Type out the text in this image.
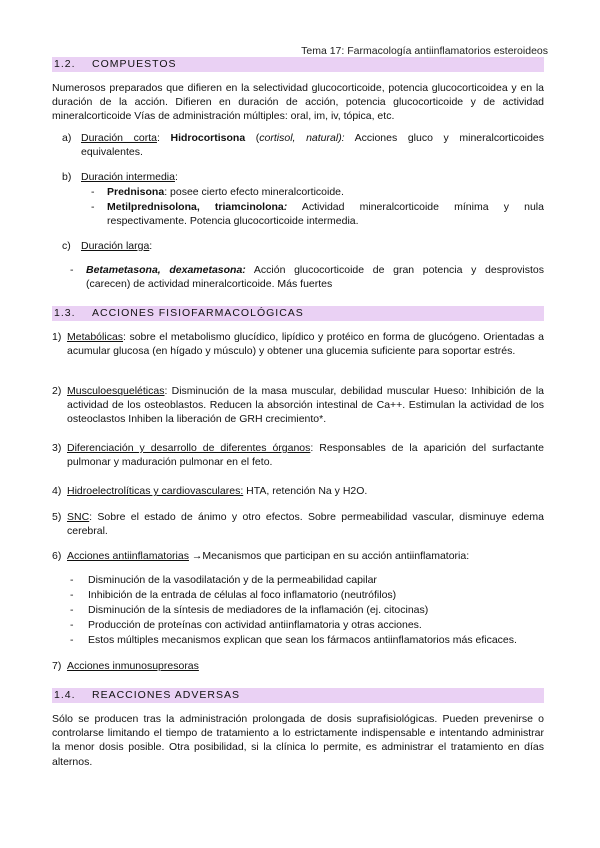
Tema 17: Farmacología antiinflamatorios esteroideos
1.2. COMPUESTOS
Numerosos preparados que difieren en la selectividad glucocorticoide, potencia glucocorticoidea y en la duración de la acción. Difieren en duración de acción, potencia glucocorticoide y de actividad mineralcorticoide Vías de administración múltiples: oral, im, iv, tópica, etc.
a) Duración corta: Hidrocortisona (cortisol, natural): Acciones gluco y mineralcorticoides equivalentes.
b) Duración intermedia:
- Prednisona: posee cierto efecto mineralcorticoide.
- Metilprednisolona, triamcinolona: Actividad mineralcorticoide mínima y nula respectivamente. Potencia glucocorticoide intermedia.
c) Duración larga:
- Betametasona, dexametasona: Acción glucocorticoide de gran potencia y desprovistos (carecen) de actividad mineralcorticoide. Más fuertes
1.3. ACCIONES FISIOFARMACOLÓGICAS
1) Metabólicas: sobre el metabolismo glucídico, lipídico y protéico en forma de glucógeno. Orientadas a acumular glucosa (en hígado y músculo) y obtener una glucemia suficiente para soportar estrés.
2) Musculoesqueléticas: Disminución de la masa muscular, debilidad muscular Hueso: Inhibición de la actividad de los osteoblastos. Reducen la absorción intestinal de Ca++. Estimulan la actividad de los osteoclastos Inhiben la liberación de GRH crecimiento*.
3) Diferenciación y desarrollo de diferentes órganos: Responsables de la aparición del surfactante pulmonar y maduración pulmonar en el feto.
4) Hidroelectrolíticas y cardiovasculares: HTA, retención Na y H2O.
5) SNC: Sobre el estado de ánimo y otro efectos. Sobre permeabilidad vascular, disminuye edema cerebral.
6) Acciones antiinflamatorias →Mecanismos que participan en su acción antiinflamatoria:
- Disminución de la vasodilatación y de la permeabilidad capilar
- Inhibición de la entrada de células al foco inflamatorio (neutrófilos)
- Disminución de la síntesis de mediadores de la inflamación (ej. citocinas)
- Producción de proteínas con actividad antiinflamatoria y otras acciones.
- Estos múltiples mecanismos explican que sean los fármacos antiinflamatorios más eficaces.
7) Acciones inmunosupresoras
1.4. REACCIONES ADVERSAS
Sólo se producen tras la administración prolongada de dosis suprafisiológicas. Pueden prevenirse o controlarse limitando el tiempo de tratamiento a lo estrictamente indispensable e intentando administrar la menor dosis posible. Otra posibilidad, si la clínica lo permite, es administrar el tratamiento en días alternos.
